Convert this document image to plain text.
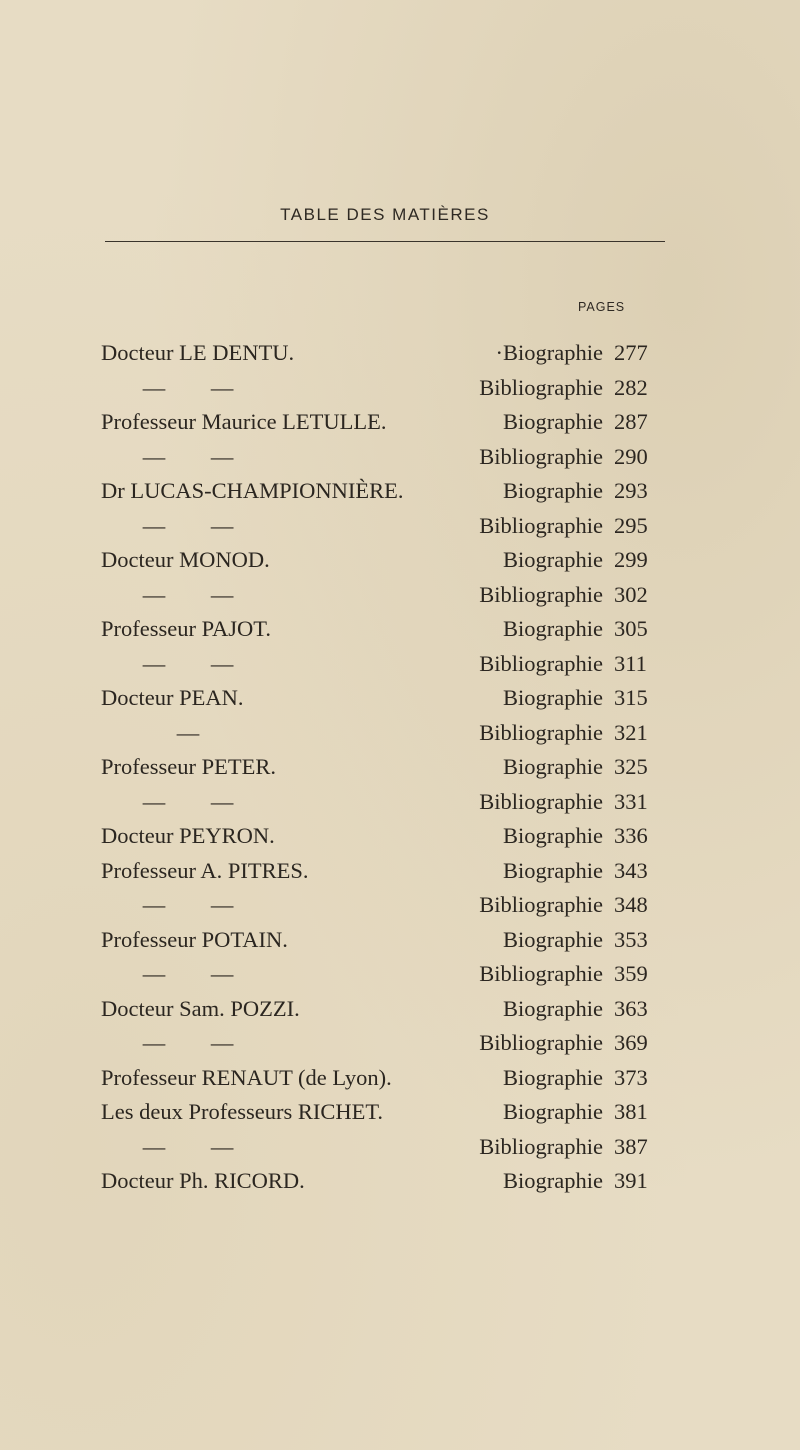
TABLE DES MATIÈRES
PAGES
Docteur LE DENTU.	·Biographie 277
— —	Bibliographie 282
Professeur Maurice LETULLE.	Biographie 287
— —	Bibliographie 290
Dr LUCAS-CHAMPIONNIÈRE.	Biographie 293
— —	Bibliographie 295
Docteur MONOD.	Biographie 299
— —	Bibliographie 302
Professeur PAJOT.	Biographie 305
— —	Bibliographie 311
Docteur PEAN.	Biographie 315
—	Bibliographie 321
Professeur PETER.	Biographie 325
— —	Bibliographie 331
Docteur PEYRON.	Biographie 336
Professeur A. PITRES.	Biographie 343
— —	Bibliographie 348
Professeur POTAIN.	Biographie 353
— —	Bibliographie 359
Docteur Sam. POZZI.	Biographie 363
— —	Bibliographie 369
Professeur RENAUT (de Lyon).	Biographie 373
Les deux Professeurs RICHET.	Biographie 381
— —	Bibliographie 387
Docteur Ph. RICORD.	Biographie 391
